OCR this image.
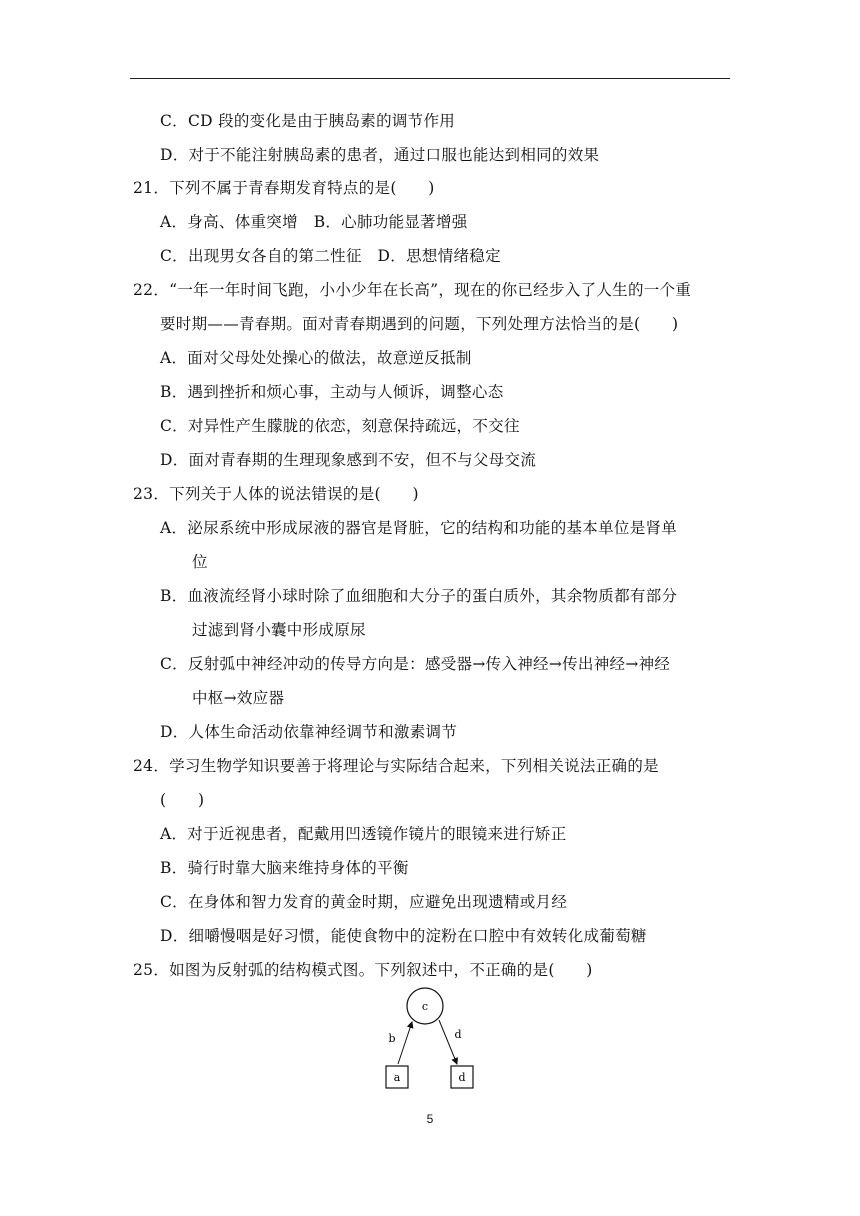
C．CD 段的变化是由于胰岛素的调节作用
D．对于不能注射胰岛素的患者，通过口服也能达到相同的效果
21．下列不属于青春期发育特点的是(　　)
A．身高、体重突增　B．心肺功能显著增强
C．出现男女各自的第二性征　D．思想情绪稳定
22．“一年一年时间飞跑，小小少年在长高”，现在的你已经步入了人生的一个重
要时期——青春期。面对青春期遇到的问题，下列处理方法恰当的是(　　)
A．面对父母处处操心的做法，故意逆反抵制
B．遇到挫折和烦心事，主动与人倾诉，调整心态
C．对异性产生朦胧的依恋，刻意保持疏远，不交往
D．面对青春期的生理现象感到不安，但不与父母交流
23．下列关于人体的说法错误的是(　　)
A．泌尿系统中形成尿液的器官是肾脏，它的结构和功能的基本单位是肾单
位
B．血液流经肾小球时除了血细胞和大分子的蛋白质外，其余物质都有部分
过滤到肾小囊中形成原尿
C．反射弧中神经冲动的传导方向是：感受器→传入神经→传出神经→神经
中枢→效应器
D．人体生命活动依靠神经调节和激素调节
24．学习生物学知识要善于将理论与实际结合起来，下列相关说法正确的是
(　　)
A．对于近视患者，配戴用凹透镜作镜片的眼镜来进行矫正
B．骑行时靠大脑来维持身体的平衡
C．在身体和智力发育的黄金时期，应避免出现遗精或月经
D．细嚼慢咽是好习惯，能使食物中的淀粉在口腔中有效转化成葡萄糖
25．如图为反射弧的结构模式图。下列叙述中，不正确的是(　　)
c
b	d
a	d
5
